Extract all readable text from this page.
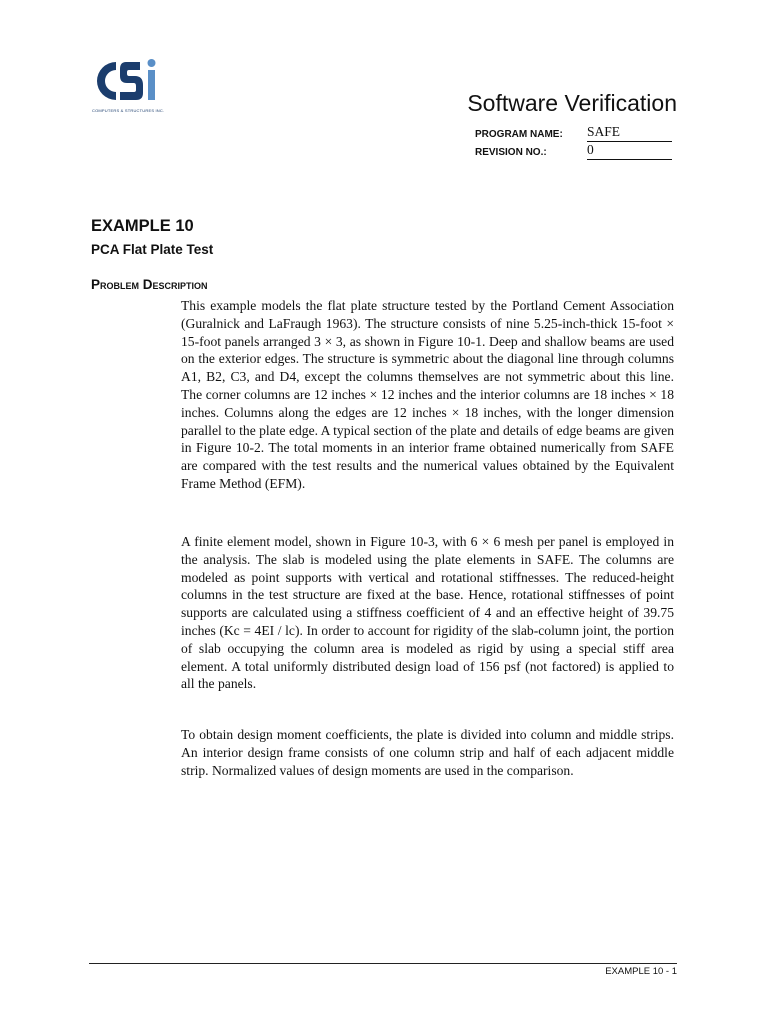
COMPUTERS & STRUCTURES INC.	Software Verification
PROGRAM NAME: SAFE
REVISION NO.:	0
EXAMPLE 10
PCA Flat Plate Test
Problem Description

This example models the flat plate structure tested by the Portland Cement Association (Guralnick and LaFraugh 1963). The structure consists of nine 5.25-inch-thick 15-foot × 15-foot panels arranged 3 × 3, as shown in Figure 10-1. Deep and shallow beams are used on the exterior edges. The structure is symmetric about the diagonal line through columns A1, B2, C3, and D4, except the columns themselves are not symmetric about this line. The corner columns are 12 inches × 12 inches and the interior columns are 18 inches × 18 inches. Columns along the edges are 12 inches × 18 inches, with the longer dimension parallel to the plate edge. A typical section of the plate and details of edge beams are given in Figure 10-2. The total moments in an interior frame obtained numerically from SAFE are compared with the test results and the numerical values obtained by the Equivalent Frame Method (EFM).

A finite element model, shown in Figure 10-3, with 6 × 6 mesh per panel is employed in the analysis. The slab is modeled using the plate elements in SAFE. The columns are modeled as point supports with vertical and rotational stiffnesses. The reduced-height columns in the test structure are fixed at the base. Hence, rotational stiffnesses of point supports are calculated using a stiffness coefficient of 4 and an effective height of 39.75 inches (Kc = 4EI / lc). In order to account for rigidity of the slab-column joint, the portion of slab occupying the column area is modeled as rigid by using a special stiff area element. A total uniformly distributed design load of 156 psf (not factored) is applied to all the panels.

To obtain design moment coefficients, the plate is divided into column and middle strips. An interior design frame consists of one column strip and half of each adjacent middle strip. Normalized values of design moments are used in the comparison.

EXAMPLE 10 - 1
